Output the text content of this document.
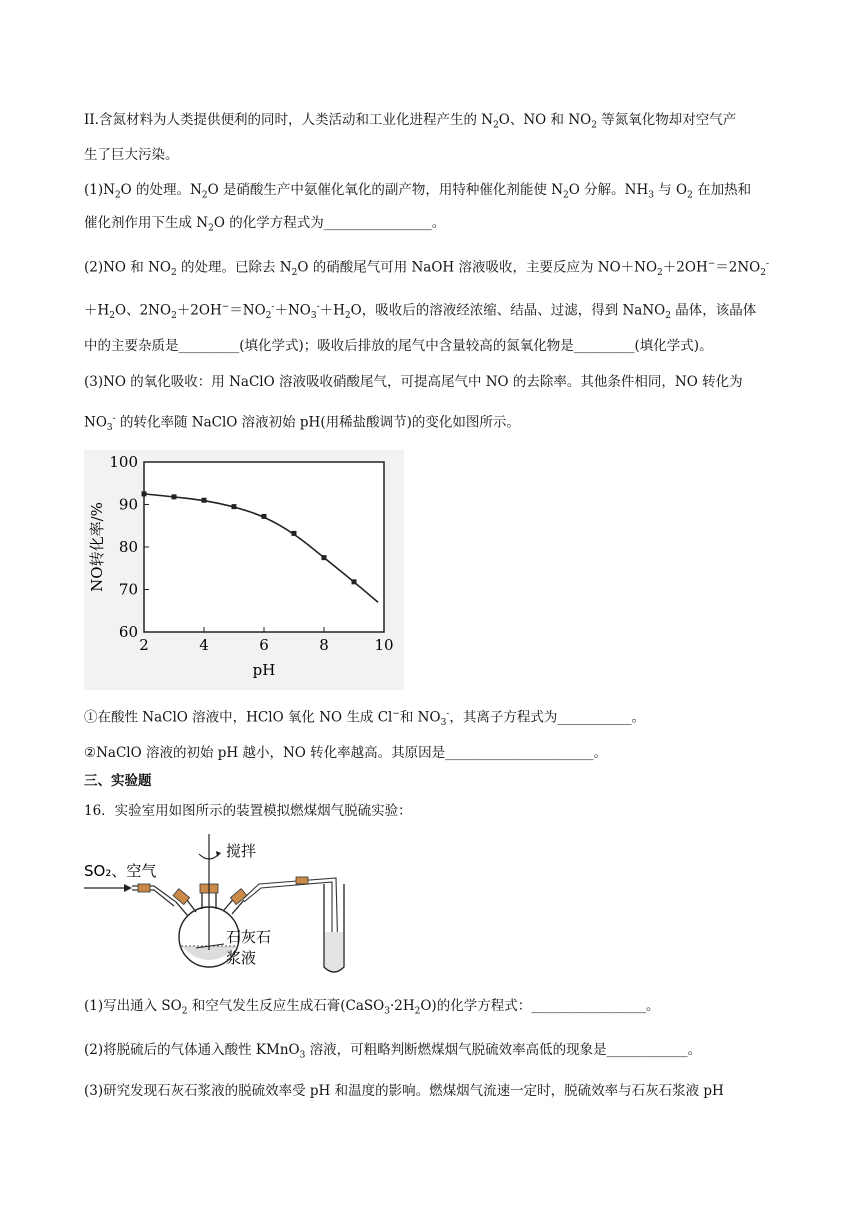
II.含氮材料为人类提供便利的同时，人类活动和工业化进程产生的 $N_2O$、NO 和 $NO_2$ 等氮氧化物却对空气产
生了巨大污染。
$(1)N_2O$ 的处理。$N_2O$ 是硝酸生产中氨催化氧化的副产物，用特种催化剂能使 $N_2O$ 分解。$NH_3$ 与 $O_2$ 在加热和
催化剂作用下生成 $N_2O$ 的化学方程式为________________。
(2)NO 和 $NO_2$ 的处理。已除去 $N_2O$ 的硝酸尾气可用 NaOH 溶液吸收，主要反应为 $NO+NO_2+2OH^-=2NO_2^-$
$+H_2O$、$2NO_2+2OH^-=NO_2^-+NO_3^-+H_2O$，吸收后的溶液经浓缩、结晶、过滤，得到 NaNO$_2$ 晶体，该晶体
中的主要杂质是_________(填化学式)；吸收后排放的尾气中含量较高的氮氧化物是_________(填化学式)。
(3)NO 的氧化吸收：用 NaClO 溶液吸收硝酸尾气，可提高尾气中 NO 的去除率。其他条件相同，NO 转化为
$NO_3^-$ 的转化率随 NaClO 溶液初始 pH(用稀盐酸调节)的变化如图所示。
NO转化率/%
pH
2	4	6	8	10
100
90
80
70
60
①在酸性 NaClO 溶液中，HClO 氧化 NO 生成 Cl−和 $NO_3^-$，其离子方程式为___________。
②NaClO 溶液的初始 pH 越小，NO 转化率越高。其原因是______________________。
三、实验题
16．实验室用如图所示的装置模拟燃煤烟气脱硫实验：
SO₂、空气
搅拌
石灰石
浆液
(1)写出通入 $SO_2$ 和空气发生反应生成石膏$(CaSO_3\cdot 2H_2O)$的化学方程式：_________________。
(2)将脱硫后的气体通入酸性 KMnO$_3$ 溶液，可粗略判断燃煤烟气脱硫效率高低的现象是____________。
(3)研究发现石灰石浆液的脱硫效率受 pH 和温度的影响。燃煤烟气流速一定时，脱硫效率与石灰石浆液 pH
